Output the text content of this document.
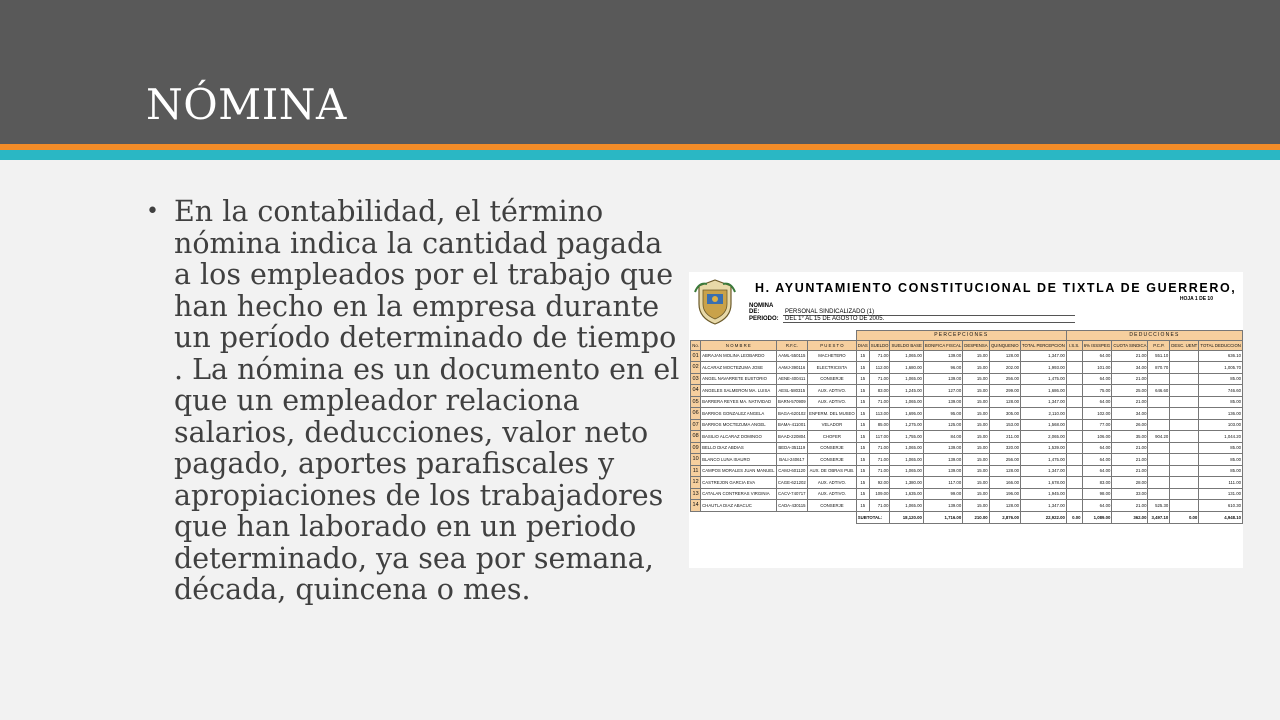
NÓMINA
• En la contabilidad, el término nómina indica la cantidad pagada a los empleados por el trabajo que han hecho en la empresa durante un período determinado de tiempo . La nómina es un documento en el que un empleador relaciona salarios, deducciones, valor neto pagado, aportes parafiscales y apropiaciones de los trabajadores que han laborado en un periodo determinado, ya sea por semana, década, quincena o mes.
H. AYUNTAMIENTO CONSTITUCIONAL DE TIXTLA DE GUERRERO,
HOJA 1 DE 10
NOMINA DE:	PERSONAL SINDICALIZADO (1)
PERIODO: DEL 1° AL 15 DE AGOSTO DE 2005.
				PERCEPCIONES							DEDUCCIONES					
No.	N O M B R E	R.F.C.	P U E S T O	DIAS	SUELDO	SUELDO BASE	BONIFICA FISCAL	DESPENSA	QUINQUENIO	TOTAL PERCEPCION	I.S.S.	6% ISSSPEG	CUOTA SINDICA	P.C.P.	DESC. UENT	TOTAL DEDUCCION
01	ABRAJAN MOLINA LEOBARDO	AAML-550115	MACHETERO	15	71.00	1,065.00	139.00	15.00	128.00	1,347.00		64.00	21.00	551.10		636.10
02	ALCARAZ MOCTEZUMA JOSE	AAMJ-390116	ELECTRICISTA	15	112.00	1,680.00	96.00	15.00	202.00	1,993.00		101.00	34.00	870.70		1,005.70
03	ANGEL NAVARRETE EUSTORIO	AENE-400411	CONSERJE	15	71.00	1,065.00	139.00	15.00	256.00	1,475.00		64.00	21.00			85.00
04	ANGELES SALMERON MA. LUISA	AESL-580315	AUX. ADTIVO.	15	83.00	1,245.00	127.00	15.00	299.00	1,686.00		75.00	25.00	646.60		746.60
05	BARRERA REYES MA. NATIVIDAD	BARN-570909	AUX. ADTIVO.	15	71.00	1,065.00	139.00	15.00	128.00	1,347.00		64.00	21.00			85.00
06	BARRIOS GONZALEZ ANGELA	BAGA-620102	ENFERM. DEL MUSEO	15	113.00	1,695.00	95.00	15.00	305.00	2,110.00		102.00	34.00			136.00
07	BARRIOS MOCTEZUMA ANGEL	BAMA-411001	VELADOR	15	85.00	1,275.00	125.00	15.00	153.00	1,568.00		77.00	26.00			103.00
08	BASILIO ALCARAZ DOMINGO	BAAD-220804	CHOFER	15	117.00	1,755.00	84.00	15.00	211.00	2,065.00		106.00	35.00	904.20		1,044.20
09	BELLO DIAZ ABDIAS	BEDA-351119	CONSERJE	15	71.00	1,065.00	139.00	15.00	320.00	1,539.00		64.00	21.00			85.00
10	BLANCO LUNA ISAURO	BALI-240617	CONSERJE	15	71.00	1,065.00	139.00	15.00	256.00	1,475.00		64.00	21.00			85.00
11	CAMPOS MORALES JUAN MANUEL	CAMJ-601120	AUX. DE OBRAS PUB.	15	71.00	1,065.00	139.00	15.00	128.00	1,347.00		64.00	21.00			85.00
12	CASTREJON GARCIA EVA	CAGE-621202	AUX. ADTIVO.	15	92.00	1,380.00	117.00	15.00	166.00	1,678.00		83.00	28.00			111.00
13	CATALAN CONTRERAS VIRGINIA	CACV-740717	AUX. ADTIVO.	15	109.00	1,635.00	99.00	15.00	196.00	1,945.00		98.00	33.00			131.00
14	CHAUTLA DIAZ ABACUC	CADA-430115	CONSERJE	15	71.00	1,065.00	139.00	15.00	128.00	1,347.00		64.00	21.00	525.30		610.30
				SUBTOTAL:		18,120.00	1,716.00	210.00	2,876.00	22,922.00	0.00	1,089.00	362.00	3,497.10	0.00	4,948.10
